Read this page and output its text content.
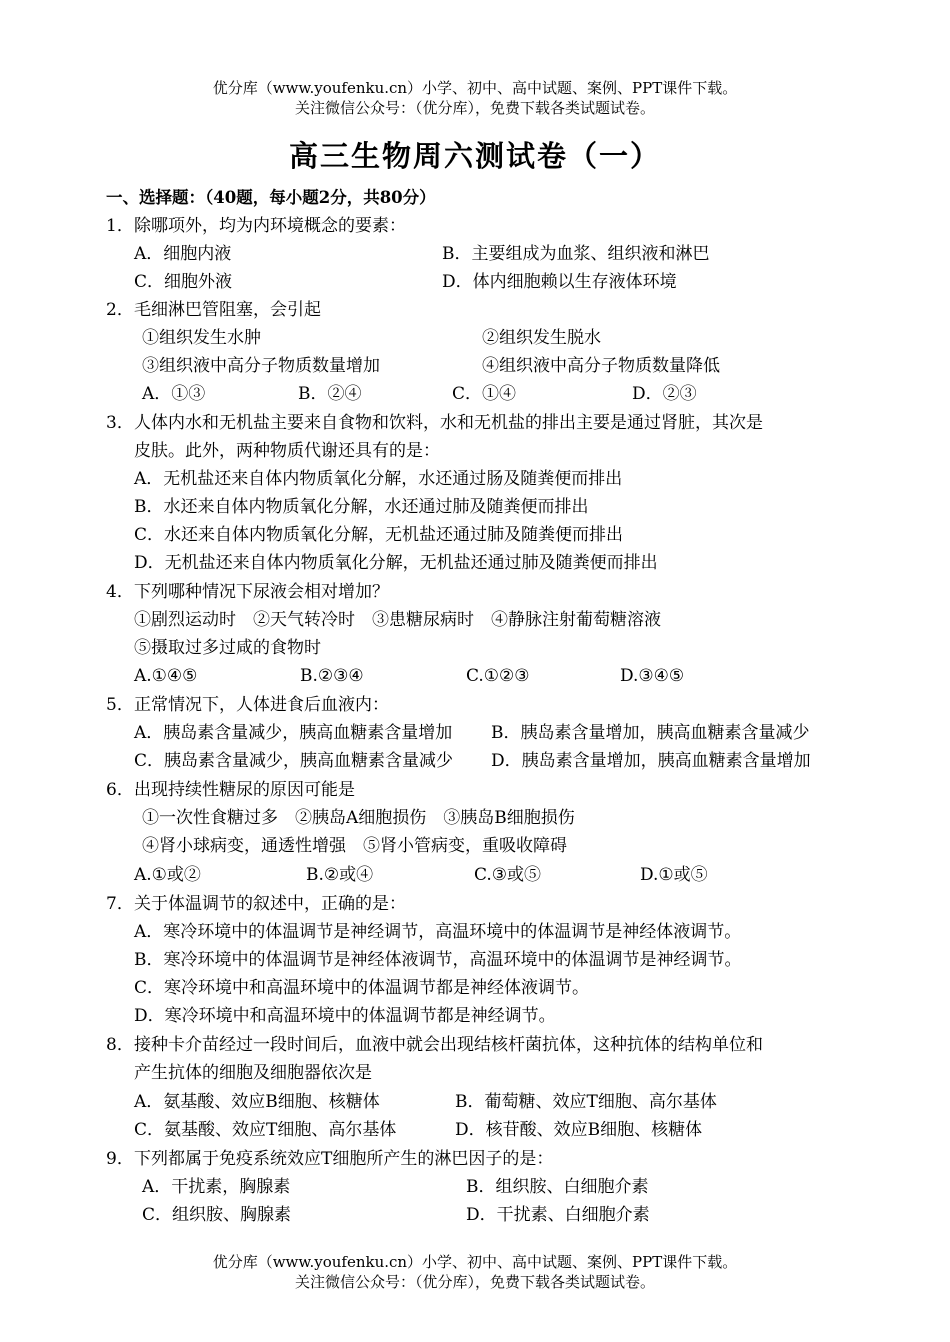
优分库（www.youfenku.cn）小学、初中、高中试题、案例、PPT课件下载。
关注微信公众号：（优分库），免费下载各类试题试卷。
高三生物周六测试卷（一）
一、选择题：（40题，每小题2分，共80分）
1．除哪项外，均为内环境概念的要素：
A．细胞内液	B．主要组成为血浆、组织液和淋巴
C．细胞外液	D．体内细胞赖以生存液体环境
2．毛细淋巴管阻塞，会引起
①组织发生水肿	②组织发生脱水
③组织液中高分子物质数量增加	④组织液中高分子物质数量降低
A．①③	B．②④	C．①④	D．②③
3．人体内水和无机盐主要来自食物和饮料，水和无机盐的排出主要是通过肾脏，其次是
皮肤。此外，两种物质代谢还具有的是：
A．无机盐还来自体内物质氧化分解，水还通过肠及随粪便而排出
B．水还来自体内物质氧化分解，水还通过肺及随粪便而排出
C．水还来自体内物质氧化分解，无机盐还通过肺及随粪便而排出
D．无机盐还来自体内物质氧化分解，无机盐还通过肺及随粪便而排出
4．下列哪种情况下尿液会相对增加？
①剧烈运动时　②天气转冷时　③患糖尿病时　④静脉注射葡萄糖溶液
⑤摄取过多过咸的食物时
A.①④⑤	B.②③④	C.①②③	D.③④⑤
5．正常情况下，人体进食后血液内：
A．胰岛素含量减少，胰高血糖素含量增加 B．胰岛素含量增加，胰高血糖素含量减少
C．胰岛素含量减少，胰高血糖素含量减少 D．胰岛素含量增加，胰高血糖素含量增加
6．出现持续性糖尿的原因可能是
①一次性食糖过多　②胰岛A细胞损伤　③胰岛B细胞损伤
④肾小球病变，通透性增强　⑤肾小管病变，重吸收障碍
A.①或②	B.②或④	C.③或⑤	D.①或⑤
7．关于体温调节的叙述中，正确的是：
A．寒冷环境中的体温调节是神经调节，高温环境中的体温调节是神经体液调节。
B．寒冷环境中的体温调节是神经体液调节，高温环境中的体温调节是神经调节。
C．寒冷环境中和高温环境中的体温调节都是神经体液调节。
D．寒冷环境中和高温环境中的体温调节都是神经调节。
8．接种卡介苗经过一段时间后，血液中就会出现结核杆菌抗体，这种抗体的结构单位和
产生抗体的细胞及细胞器依次是
A．氨基酸、效应B细胞、核糖体	B．葡萄糖、效应T细胞、高尔基体
C．氨基酸、效应T细胞、高尔基体	D．核苷酸、效应B细胞、核糖体
9．下列都属于免疫系统效应T细胞所产生的淋巴因子的是：
A．干扰素，胸腺素	B．组织胺、白细胞介素
C．组织胺、胸腺素	D．干扰素、白细胞介素
优分库（www.youfenku.cn）小学、初中、高中试题、案例、PPT课件下载。
关注微信公众号：（优分库），免费下载各类试题试卷。
